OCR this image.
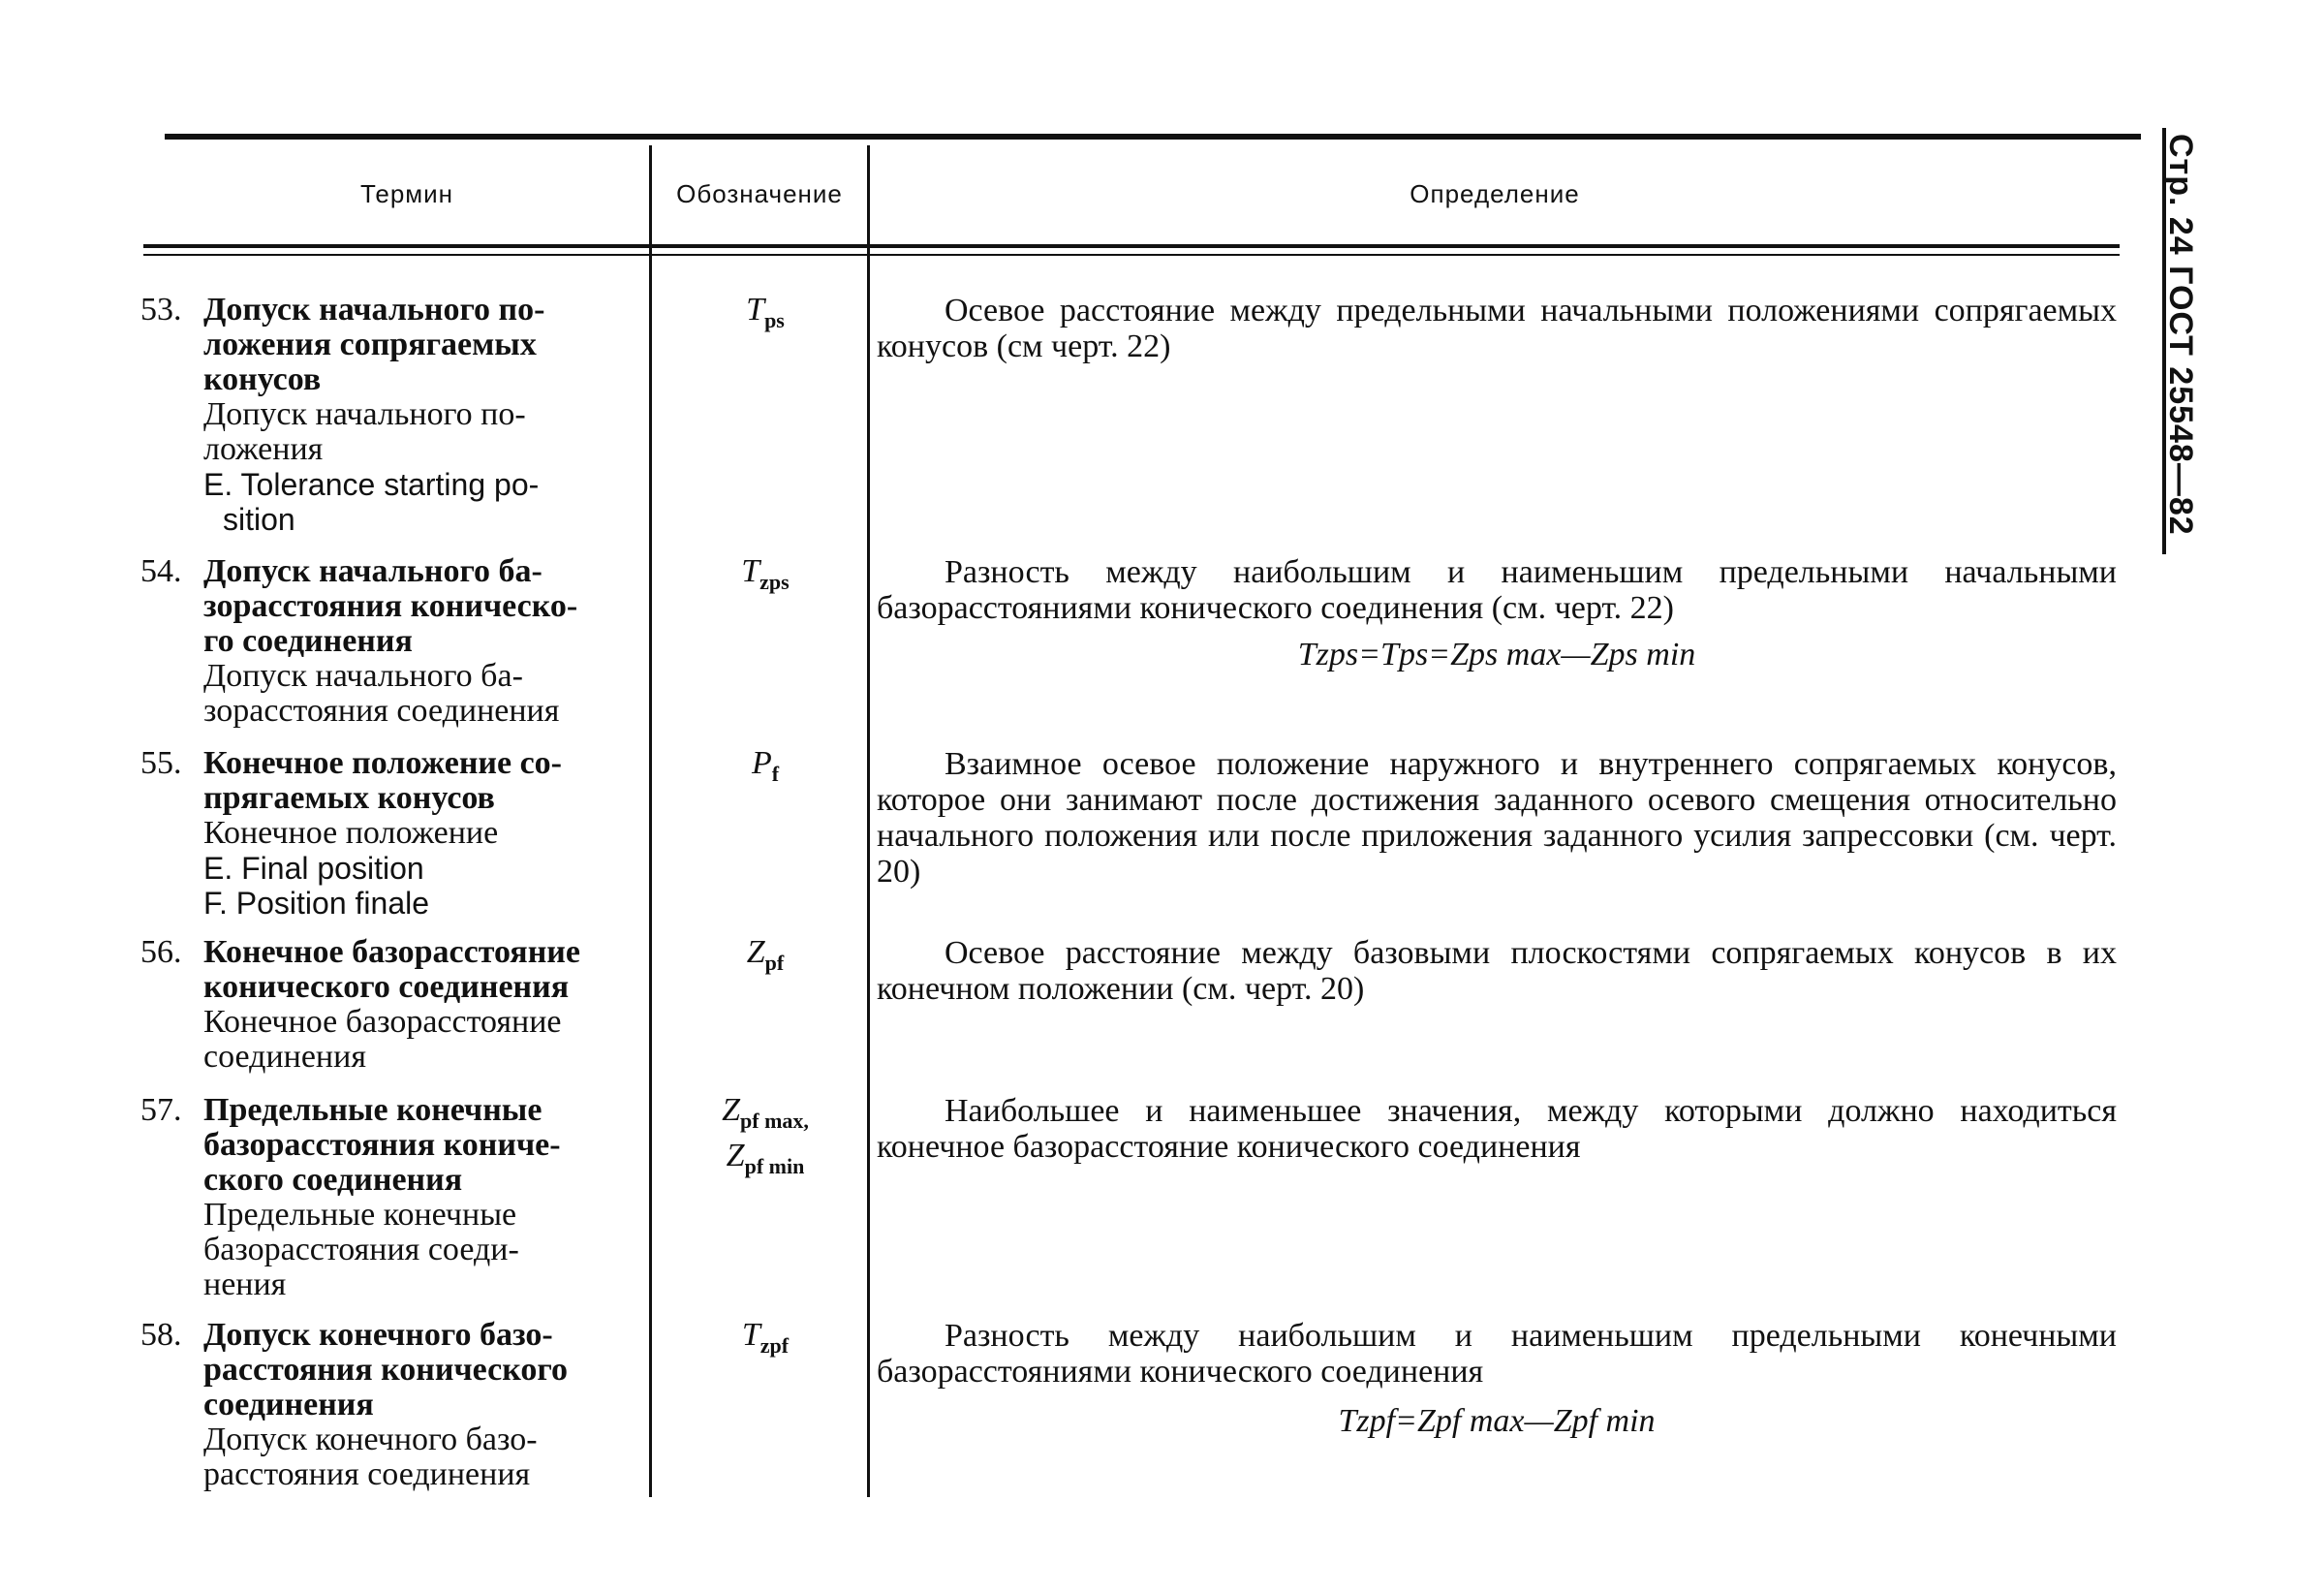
Стр. 24 ГОСТ 25548—82
Термин	Обозначение	Определение
53. Допуск начального по-
ложения сопрягаемых
конусов
Допуск начального по-
ложения
E. Tolerance starting po-
sition
$T_{ps}$	Осевое расстояние между предельными начальными положениями сопрягаемых конусов (см черт. 22)
54. Допуск начального ба-
зорасстояния коническо-
го соединения
Допуск начального ба-
зорасстояния соединения
$T_{zps}$	Разность между наибольшим и наименьшим предельными начальными базорасстояниями конического соединения (см. черт. 22)
Tzps=Tps=Zps max—Zps min
55. Конечное положение со-
прягаемых конусов
Конечное положение
E. Final position
F. Position finale
$P_f$	Взаимное осевое положение наружного и внутреннего сопрягаемых конусов, которое они занимают после достижения заданного осевого смещения относительно начального положения или после приложения заданного усилия запрессовки (см. черт. 20)
56. Конечное базорасстояние
конического соединения
Конечное базорасстояние
соединения
$Z_{pf}$	Осевое расстояние между базовыми плоскостями сопрягаемых конусов в их конечном положении (см. черт. 20)
57. Предельные конечные
базорасстояния кониче-
ского соединения
Предельные конечные
базорасстояния соеди-
нения
$Z_{pf max,}$
$Z_{pf min}$
Наибольшее и наименьшее значения, между которыми должно находиться конечное базорасстояние конического соединения
58. Допуск конечного базо-
расстояния конического
соединения
Допуск конечного базо-
расстояния соединения
$T_{zpf}$	Разность между наибольшим и наименьшим предельными конечными базорасстояниями конического соединения
Tzpf=Zpf max—Zpf min
